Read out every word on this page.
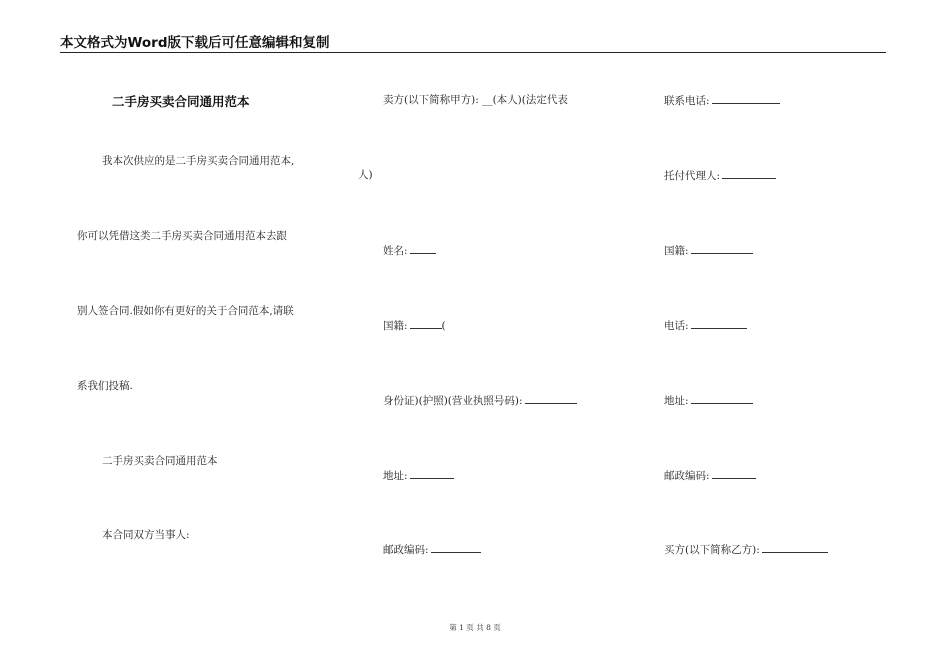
本文格式为Word版下载后可任意编辑和复制
二手房买卖合同通用范本
我本次供应的是二手房买卖合同通用范本,
你可以凭借这类二手房买卖合同通用范本去跟
别人签合同.假如你有更好的关于合同范本,请联
系我们投稿.
二手房买卖合同通用范本
本合同双方当事人:
卖方(以下简称甲方): __(本人)(法定代表
人)
姓名:
国籍:	(
身份证)(护照)(营业执照号码):
地址:
邮政编码:
联系电话:
托付代理人:
国籍:
电话:
地址:
邮政编码:
买方(以下简称乙方):
第 1 页 共 8 页
